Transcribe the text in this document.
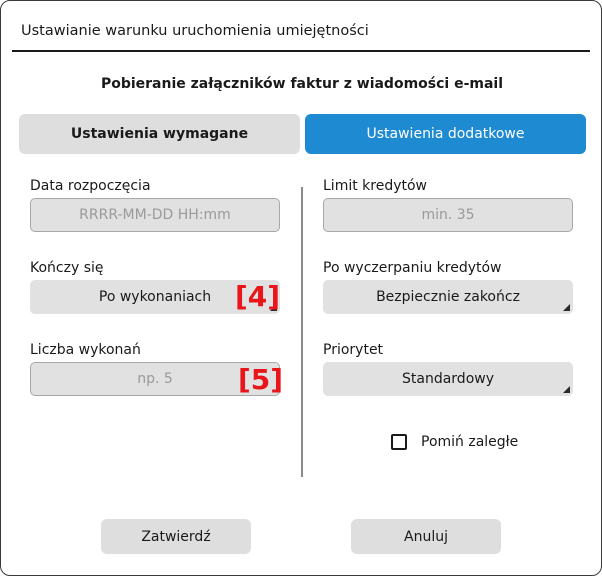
Ustawianie warunku uruchomienia umiejętności
Pobieranie załączników faktur z wiadomości e-mail
Ustawienia wymagane	Ustawienia dodatkowe
Data rozpoczęcia
RRRR-MM-DD HH:mm
Kończy się
Po wykonaniach [4]
Liczba wykonań
np. 5
[5]
Limit kredytów
min. 35
Po wyczerpaniu kredytów
Bezpiecznie zakończ
Priorytet
Standardowy
Pomiń zaległe
Zatwierdź	Anuluj
